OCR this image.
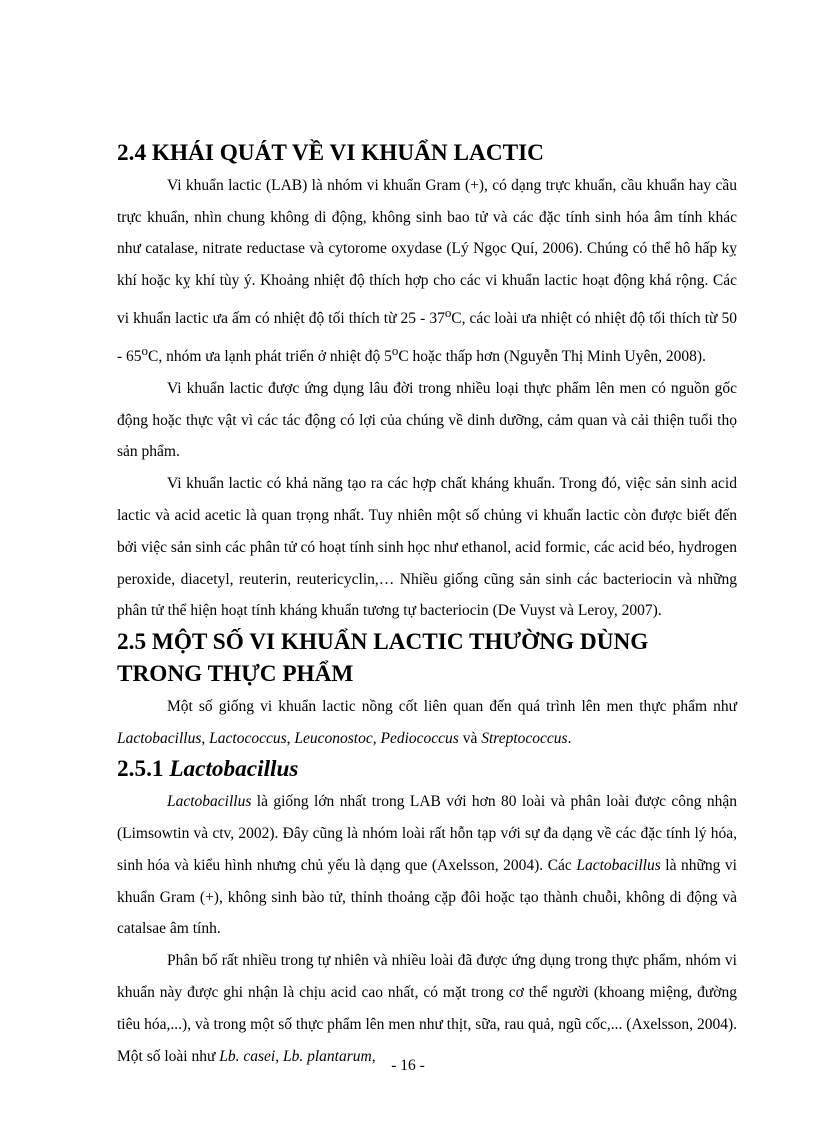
2.4 KHÁI QUÁT VỀ VI KHUẨN LACTIC

Vi khuẩn lactic (LAB) là nhóm vi khuẩn Gram (+), có dạng trực khuẩn, cầu khuẩn hay cầu trực khuẩn, nhìn chung không di động, không sinh bao tử và các đặc tính sinh hóa âm tính khác như catalase, nitrate reductase và cytorome oxydase (Lý Ngọc Quí, 2006). Chúng có thể hô hấp kỵ khí hoặc kỵ khí tùy ý. Khoảng nhiệt độ thích hợp cho các vi khuẩn lactic hoạt động khá rộng. Các vi khuẩn lactic ưa ấm có nhiệt độ tối thích từ 25 - 37$^o$C, các loài ưa nhiệt có nhiệt độ tối thích từ 50 - 65$^o$C, nhóm ưa lạnh phát triển ở nhiệt độ 5$^o$C hoặc thấp hơn (Nguyễn Thị Minh Uyên, 2008).

Vi khuẩn lactic được ứng dụng lâu đời trong nhiều loại thực phẩm lên men có nguồn gốc động hoặc thực vật vì các tác động có lợi của chúng về dinh dưỡng, cảm quan và cải thiện tuổi thọ sản phẩm.

Vi khuẩn lactic có khả năng tạo ra các hợp chất kháng khuẩn. Trong đó, việc sản sinh acid lactic và acid acetic là quan trọng nhất. Tuy nhiên một số chủng vi khuẩn lactic còn được biết đến bởi việc sản sinh các phân tử có hoạt tính sinh học như ethanol, acid formic, các acid béo, hydrogen peroxide, diacetyl, reuterin, reutericyclin,… Nhiều giống cũng sản sinh các bacteriocin và những phân tử thể hiện hoạt tính kháng khuẩn tương tự bacteriocin (De Vuyst và Leroy, 2007).

2.5 MỘT SỐ VI KHUẨN LACTIC THƯỜNG DÙNG TRONG THỰC PHẨM

Một số giống vi khuẩn lactic nồng cốt liên quan đến quá trình lên men thực phẩm như Lactobacillus, Lactococcus, Leuconostoc, Pediococcus và Streptococcus.

2.5.1 Lactobacillus

Lactobacillus là giống lớn nhất trong LAB với hơn 80 loài và phân loài được công nhận (Limsowtin và ctv, 2002). Đây cũng là nhóm loài rất hỗn tạp với sự đa dạng về các đặc tính lý hóa, sinh hóa và kiểu hình nhưng chủ yếu là dạng que (Axelsson, 2004). Các Lactobacillus là những vi khuẩn Gram (+), không sinh bào tử, thỉnh thoảng cặp đôi hoặc tạo thành chuỗi, không di động và catalsae âm tính.

Phân bố rất nhiều trong tự nhiên và nhiều loài đã được ứng dụng trong thực phẩm, nhóm vi khuẩn này được ghi nhận là chịu acid cao nhất, có mặt trong cơ thể người (khoang miệng, đường tiêu hóa,...), và trong một số thực phẩm lên men như thịt, sữa, rau quả, ngũ cốc,... (Axelsson, 2004). Một số loài như Lb. casei, Lb. plantarum,

- 16 -
